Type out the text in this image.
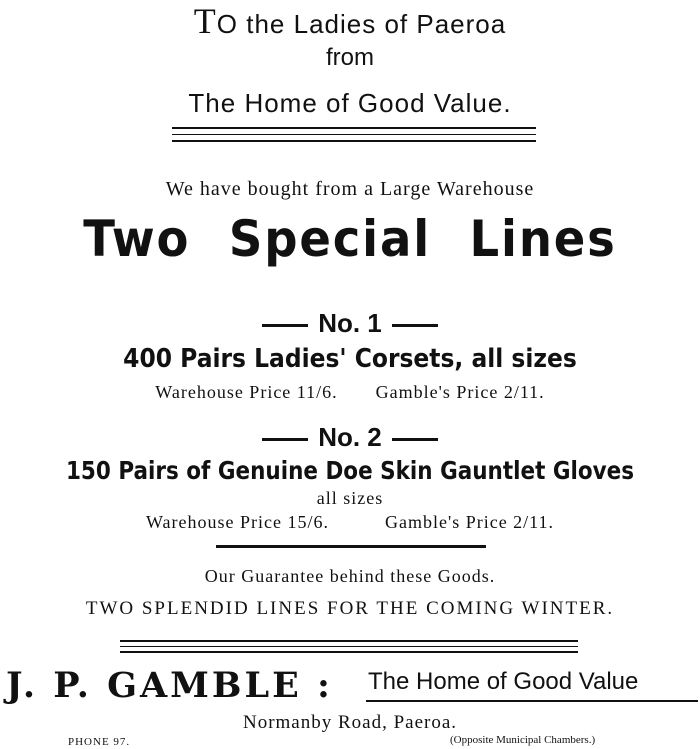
TO the Ladies of Paeroa
from
The Home of Good Value.
We have bought from a Large Warehouse
Two Special Lines
No. 1
400 Pairs Ladies' Corsets, all sizes
Warehouse Price 11/6. Gamble's Price 2/11.
No. 2
150 Pairs of Genuine Doe Skin Gauntlet Gloves
all sizes
Warehouse Price 15/6.	Gamble's Price 2/11.
Our Guarantee behind these Goods.
TWO SPLENDID LINES FOR THE COMING WINTER.
J. P. GAMBLE : The Home of Good Value
Normanby Road, Paeroa.
PHONE 97.	(Opposite Municipal Chambers.)
